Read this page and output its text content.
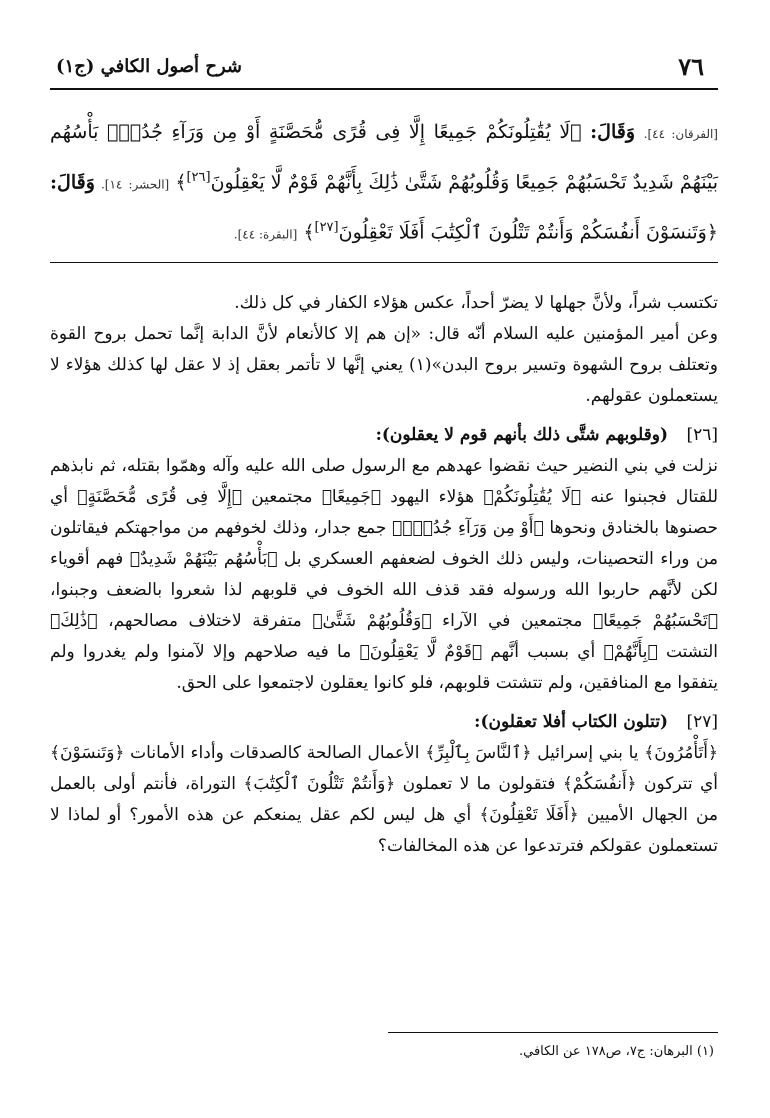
٧٦
شرح أصول الكافي (ج١)
[الفرقان: ٤٤]. وَقَالَ: ﴿لَا يُقَٰتِلُونَكُمْ جَمِيعًا إِلَّا فِى قُرًى مُّحَصَّنَةٍ أَوْ مِن وَرَآءِ جُدُرٍۭ بَأْسُهُم بَيْنَهُمْ شَدِيدٌ تَحْسَبُهُمْ جَمِيعًا وَقُلُوبُهُمْ شَتَّىٰ ذَٰلِكَ بِأَنَّهُمْ قَوْمٌ لَّا يَعْقِلُونَ[٢٦]﴾ [الحشر: ١٤]. وَقَالَ: ﴿وَتَنسَوْنَ أَنفُسَكُمْ وَأَنتُمْ تَتْلُونَ ٱلْكِتَٰبَ أَفَلَا تَعْقِلُونَ[٢٧]﴾ [البقرة: ٤٤].

تكتسب شراً، ولأنَّ جهلها لا يضرّ أحداً، عكس هؤلاء الكفار في كل ذلك.

وعن أمير المؤمنين عليه السلام أنّه قال: «إن هم إلا كالأنعام لأنَّ الدابة إنَّما تحمل بروح القوة وتعتلف بروح الشهوة وتسير بروح البدن»(١) يعني إنَّها لا تأتمر بعقل إذ لا عقل لها كذلك هؤلاء لا يستعملون عقولهم.

[٢٦] (وقلوبهم شتَّى ذلك بأنهم قوم لا يعقلون):

نزلت في بني النضير حيث نقضوا عهدهم مع الرسول صلى الله عليه وآله وهمّوا بقتله، ثم نابذهم للقتال فجبنوا عنه ﴿لَا يُقَٰتِلُونَكُمْ﴾ هؤلاء اليهود ﴿جَمِيعًا﴾ مجتمعين ﴿إِلَّا فِى قُرًى مُّحَصَّنَةٍ﴾ أي حصنوها بالخنادق ونحوها ﴿أَوْ مِن وَرَآءِ جُدُرٍۭ﴾ جمع جدار، وذلك لخوفهم من مواجهتكم فيقاتلون من وراء التحصينات، وليس ذلك الخوف لضعفهم العسكري بل ﴿بَأْسُهُم بَيْنَهُمْ شَدِيدٌ﴾ فهم أقوياء لكن لأنَّهم حاربوا الله ورسوله فقد قذف الله الخوف في قلوبهم لذا شعروا بالضعف وجبنوا، ﴿تَحْسَبُهُمْ جَمِيعًا﴾ مجتمعين في الآراء ﴿وَقُلُوبُهُمْ شَتَّىٰ﴾ متفرقة لاختلاف مصالحهم، ﴿ذَٰلِكَ﴾ التشتت ﴿بِأَنَّهُمْ﴾ أي بسبب أنَّهم ﴿قَوْمٌ لَّا يَعْقِلُونَ﴾ ما فيه صلاحهم وإلا لآمنوا ولم يغدروا ولم يتفقوا مع المنافقين، ولم تتشتت قلوبهم، فلو كانوا يعقلون لاجتمعوا على الحق.

[٢٧] (تتلون الكتاب أفلا تعقلون):

﴿أَتَأْمُرُونَ﴾ يا بني إسرائيل ﴿ٱلنَّاسَ بِٱلْبِرِّ﴾ الأعمال الصالحة كالصدقات وأداء الأمانات ﴿وَتَنسَوْنَ﴾ أي تتركون ﴿أَنفُسَكُمْ﴾ فتقولون ما لا تعملون ﴿وَأَنتُمْ تَتْلُونَ ٱلْكِتَٰبَ﴾ التوراة، فأنتم أولى بالعمل من الجهال الأميين ﴿أَفَلَا تَعْقِلُونَ﴾ أي هل ليس لكم عقل يمنعكم عن هذه الأمور؟ أو لماذا لا تستعملون عقولكم فترتدعوا عن هذه المخالفات؟

(١) البرهان: ج٧، ص١٧٨ عن الكافي.
